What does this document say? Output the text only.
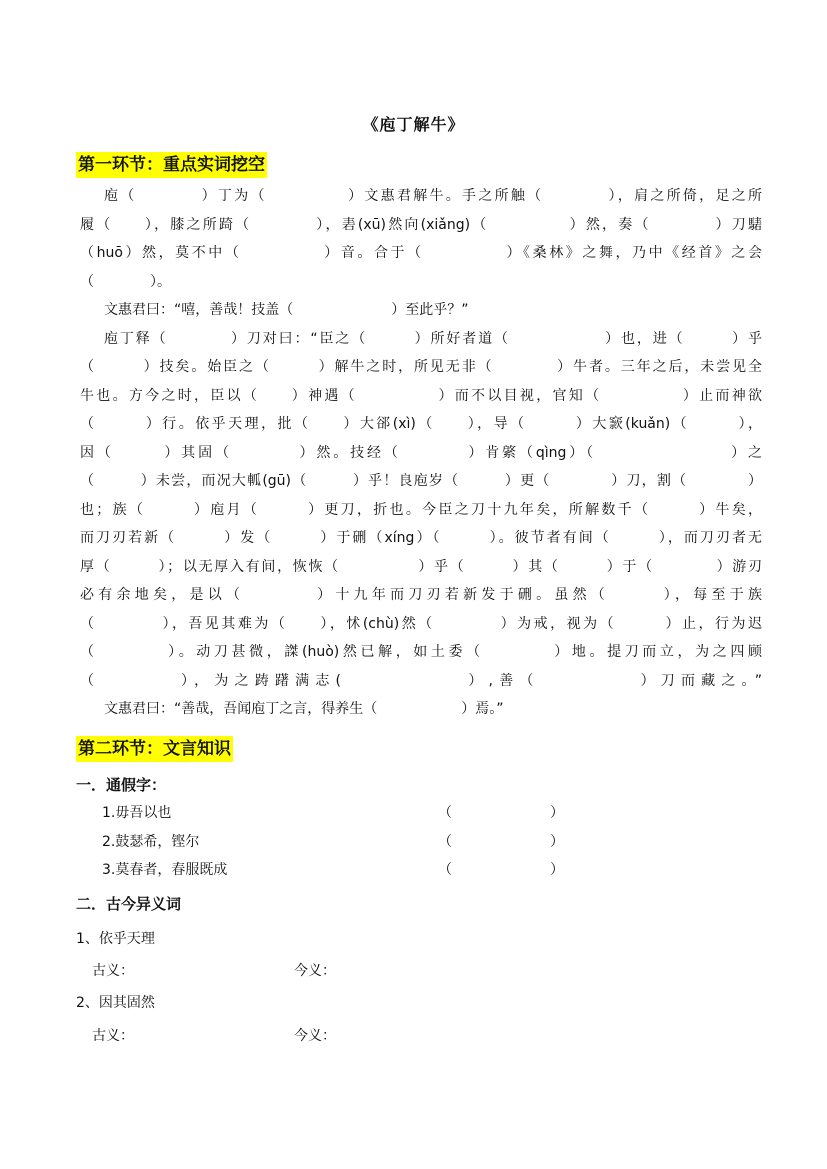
《庖丁解牛》
第一环节：重点实词挖空
庖（　　　　）丁为（　　　　　）文惠君解牛。手之所触（　　　　），肩之所倚，足之所
履（　　），膝之所踦（　　　　），砉(xū)然向(xiǎng)（　　　　　）然，奏（　　　　）刀騞
（huō）然，莫不中（　　　　　）音。合于（　　　　　）《桑林》之舞，乃中《经首》之会
（　　　　）。
文惠君曰：“嘻，善哉！技盖（　　　　　　　）至此乎？”
庖丁释（　　　　）刀对曰：“臣之（　　　）所好者道（　　　　　　）也，进（　　　）乎
（　　　）技矣。始臣之（　　　）解牛之时，所见无非（　　　　）牛者。三年之后，未尝见全
牛也。方今之时，臣以（　　）神遇（　　　　　）而不以目视，官知（　　　　　）止而神欲
（　　　）行。依乎天理，批（　　）大郤(xì)（　　），导（　　　）大窾(kuǎn)（　　　），
因（　　　）其固（　　　　）然。技经（　　　　）肯綮（qìng）（　　　　　　　　）之
（　　　）未尝，而况大軱(gū)（　　　）乎！良庖岁（　　　）更（　　　　）刀，割（　　　　）
也；族（　　　）庖月（　　　）更刀，折也。今臣之刀十九年矣，所解数千（　　　）牛矣，
而刀刃若新（　　　）发（　　　）于硎（xíng）（　　　）。彼节者有间（　　　），而刀刃者无
厚（　　　）；以无厚入有间，恢恢（　　　　　）乎（　　　）其（　　　）于（　　　　）游刃
必有余地矣，是以（　　　　）十九年而刀刃若新发于硎。虽然（　　　），每至于族
（　　　　），吾见其难为（　　），怵(chù)然（　　　　）为戒，视为（　　　）止，行为迟
（　　　　）。动刀甚微，謋(huò)然已解，如土委（　　　　）地。提刀而立，为之四顾
（　　　　），为之踌躇满志(　　　　　　）,善（　　　　　）刀而藏之。”
文惠君曰：“善哉，吾闻庖丁之言，得养生（　　　　　　）焉。”
第二环节：文言知识
一．通假字：
1.毋吾以也	（　　　　　　　）
2.鼓瑟希，铿尔	（　　　　　　　）
3.莫春者，春服既成	（　　　　　　　）
二．古今异义词
1、依乎天理
古义：	今义：
2、因其固然
古义：	今义：
